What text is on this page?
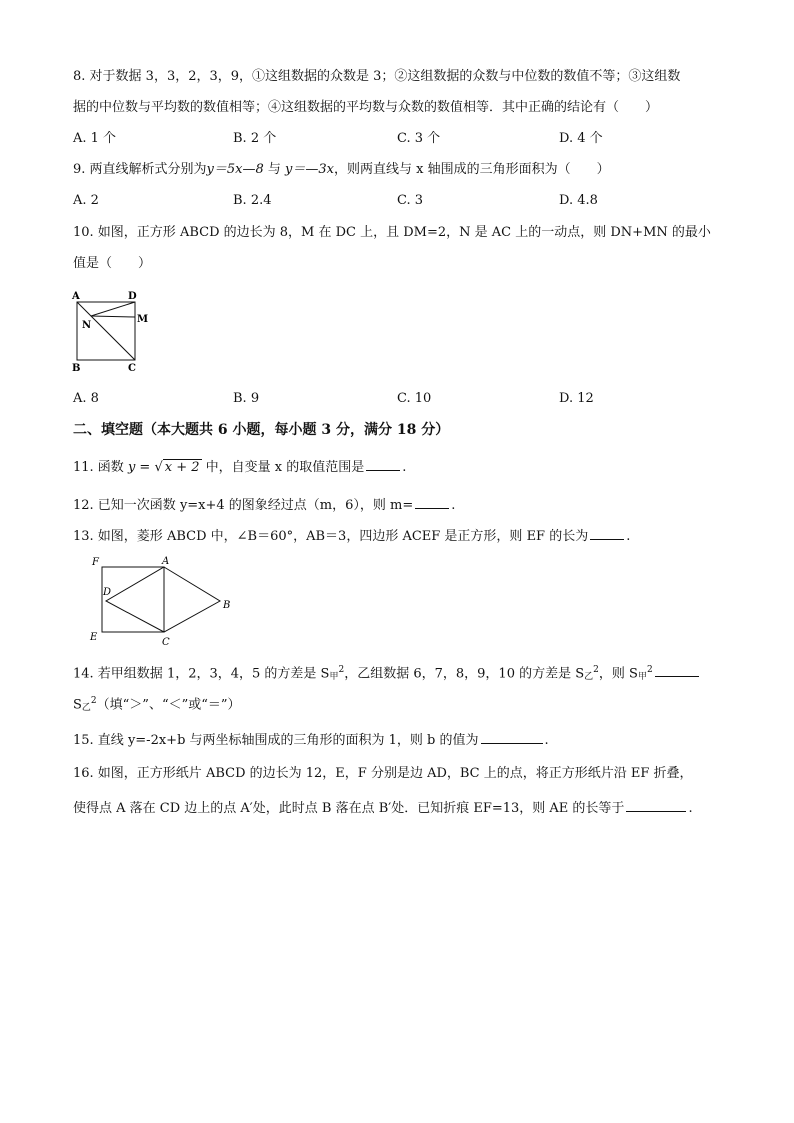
8. 对于数据 3，3，2，3，9，①这组数据的众数是 3；②这组数据的众数与中位数的数值不等；③这组数
据的中位数与平均数的数值相等；④这组数据的平均数与众数的数值相等．其中正确的结论有（　　）
A. 1 个	B. 2 个	C. 3 个	D. 4 个
9. 两直线解析式分别为y＝5x—8 与 y＝—3x，则两直线与 x 轴围成的三角形面积为（　　）
A. 2	B. 2.4	C. 3	D. 4.8
10. 如图，正方形 ABCD 的边长为 8，M 在 DC 上，且 DM=2，N 是 AC 上的一动点，则 DN+MN 的最小
值是（　　）
A	D
M
N
B	C
A. 8	B. 9	C. 10	D. 12
二、填空题（本大题共 6 小题，每小题 3 分，满分 18 分）
11. 函数 y = √ x + 2 中，自变量 x 的取值范围是	.
12. 已知一次函数 y=x+4 的图象经过点（m，6），则 m=	.
13. 如图，菱形 ABCD 中，∠B＝60°，AB＝3，四边形 ACEF 是正方形，则 EF 的长为	.
F	A
D
B
E	C
14. 若甲组数据 1，2，3，4，5 的方差是 S甲$^2$，乙组数据 6，7，8，9，10 的方差是 S乙$^2$，则 S甲$^2$
S乙$^2$（填“＞”、“＜”或“＝”）
15. 直线 y=-2x+b 与两坐标轴围成的三角形的面积为 1，则 b 的值为	.
16. 如图，正方形纸片 ABCD 的边长为 12，E，F 分别是边 AD，BC 上的点，将正方形纸片沿 EF 折叠，
使得点 A 落在 CD 边上的点 A′处，此时点 B 落在点 B′处．已知折痕 EF=13，则 AE 的长等于	.
